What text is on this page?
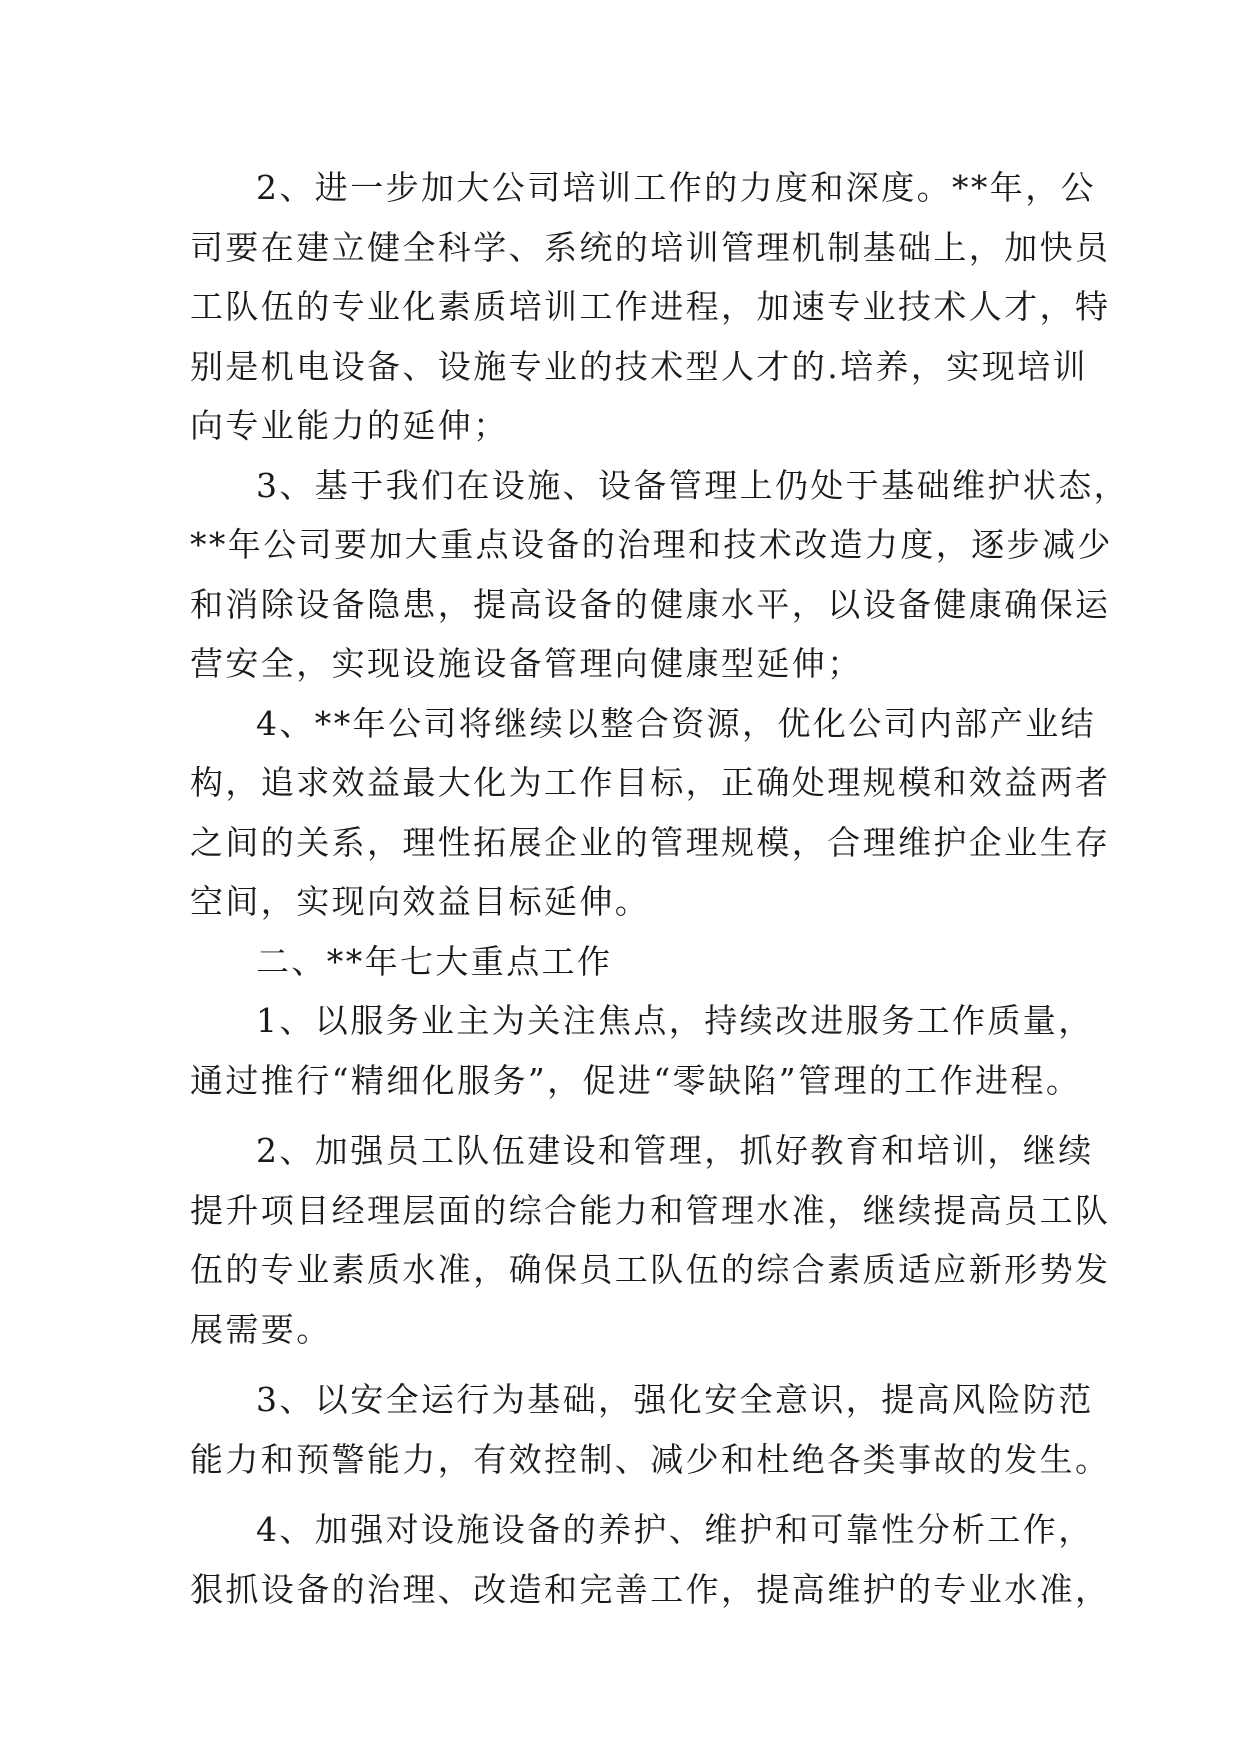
2、进一步加大公司培训工作的力度和深度。**年，公
司要在建立健全科学、系统的培训管理机制基础上，加快员
工队伍的专业化素质培训工作进程，加速专业技术人才，特
别是机电设备、设施专业的技术型人才的.培养，实现培训
向专业能力的延伸；
3、基于我们在设施、设备管理上仍处于基础维护状态，
**年公司要加大重点设备的治理和技术改造力度，逐步减少
和消除设备隐患，提高设备的健康水平，以设备健康确保运
营安全，实现设施设备管理向健康型延伸；
4、**年公司将继续以整合资源，优化公司内部产业结
构，追求效益最大化为工作目标，正确处理规模和效益两者
之间的关系，理性拓展企业的管理规模，合理维护企业生存
空间，实现向效益目标延伸。
二、**年七大重点工作
1、以服务业主为关注焦点，持续改进服务工作质量，
通过推行“精细化服务”，促进“零缺陷”管理的工作进程。
2、加强员工队伍建设和管理，抓好教育和培训，继续
提升项目经理层面的综合能力和管理水准，继续提高员工队
伍的专业素质水准，确保员工队伍的综合素质适应新形势发
展需要。
3、以安全运行为基础，强化安全意识，提高风险防范
能力和预警能力，有效控制、减少和杜绝各类事故的发生。
4、加强对设施设备的养护、维护和可靠性分析工作，
狠抓设备的治理、改造和完善工作，提高维护的专业水准，
